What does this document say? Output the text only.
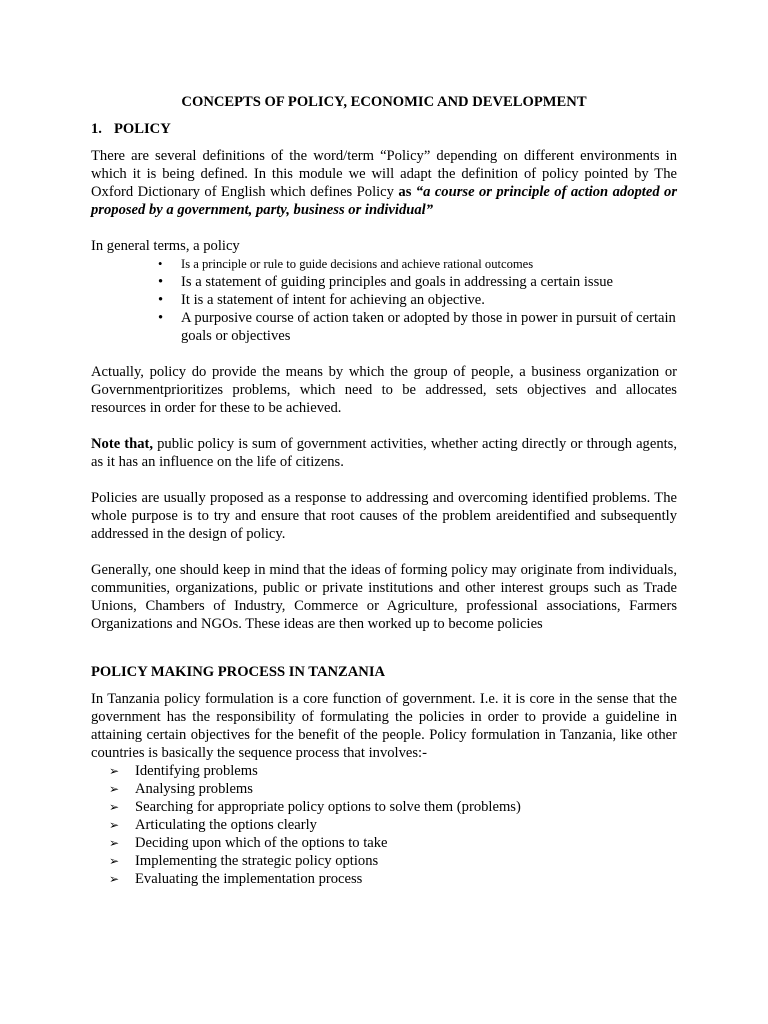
CONCEPTS OF POLICY, ECONOMIC AND DEVELOPMENT

1. POLICY

There are several definitions of the word/term “Policy” depending on different environments in which it is being defined. In this module we will adapt the definition of policy pointed by The Oxford Dictionary of English which defines Policy as “a course or principle of action adopted or proposed by a government, party, business or individual”

In general terms, a policy

• Is a principle or rule to guide decisions and achieve rational outcomes
• Is a statement of guiding principles and goals in addressing a certain issue
• It is a statement of intent for achieving an objective.
• A purposive course of action taken or adopted by those in power in pursuit of certain goals or objectives

Actually, policy do provide the means by which the group of people, a business organization or Governmentprioritizes problems, which need to be addressed, sets objectives and allocates resources in order for these to be achieved.

Note that, public policy is sum of government activities, whether acting directly or through agents, as it has an influence on the life of citizens.

Policies are usually proposed as a response to addressing and overcoming identified problems. The whole purpose is to try and ensure that root causes of the problem areidentified and subsequently addressed in the design of policy.

Generally, one should keep in mind that the ideas of forming policy may originate from individuals, communities, organizations, public or private institutions and other interest groups such as Trade Unions, Chambers of Industry, Commerce or Agriculture, professional associations, Farmers Organizations and NGOs. These ideas are then worked up to become policies

POLICY MAKING PROCESS IN TANZANIA

In Tanzania policy formulation is a core function of government. I.e. it is core in the sense that the government has the responsibility of formulating the policies in order to provide a guideline in attaining certain objectives for the benefit of the people. Policy formulation in Tanzania, like other countries is basically the sequence process that involves:-

➢ Identifying problems
➢ Analysing problems
➢ Searching for appropriate policy options to solve them (problems)
➢ Articulating the options clearly
➢ Deciding upon which of the options to take
➢ Implementing the strategic policy options
➢ Evaluating the implementation process
